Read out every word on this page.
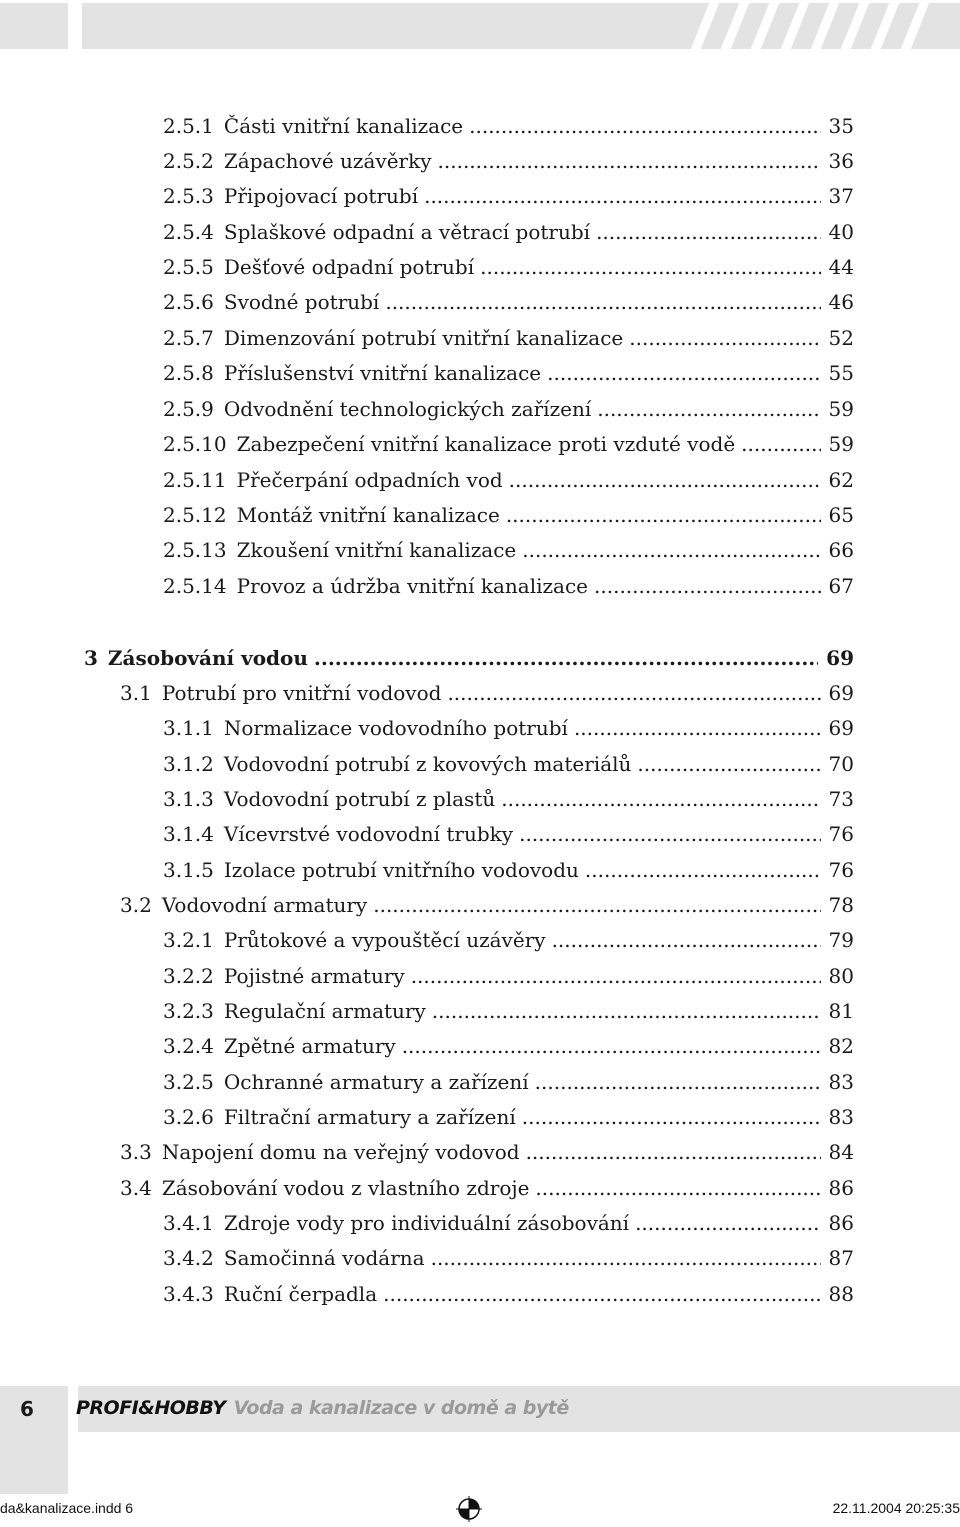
2.5.1 Části vnitřní kanalizace .....	35
2.5.2 Zápachové uzávěrky .....	36
2.5.3 Připojovací potrubí .....	37
2.5.4 Splaškové odpadní a větrací potrubí .....	40
2.5.5 Dešťové odpadní potrubí .....	44
2.5.6 Svodné potrubí .....	46
2.5.7 Dimenzování potrubí vnitřní kanalizace .....	52
2.5.8 Příslušenství vnitřní kanalizace .....	55
2.5.9 Odvodnění technologických zařízení .....	59
2.5.10 Zabezpečení vnitřní kanalizace proti vzduté vodě .....	59
2.5.11 Přečerpání odpadních vod .....	62
2.5.12 Montáž vnitřní kanalizace .....	65
2.5.13 Zkoušení vnitřní kanalizace .....	66
2.5.14 Provoz a údržba vnitřní kanalizace .....	67
3 Zásobování vodou .....	69
3.1 Potrubí pro vnitřní vodovod .....	69
3.1.1 Normalizace vodovodního potrubí .....	69
3.1.2 Vodovodní potrubí z kovových materiálů .....	70
3.1.3 Vodovodní potrubí z plastů .....	73
3.1.4 Vícevrstvé vodovodní trubky .....	76
3.1.5 Izolace potrubí vnitřního vodovodu .....	76
3.2 Vodovodní armatury .....	78
3.2.1 Průtokové a vypouštěcí uzávěry .....	79
3.2.2 Pojistné armatury .....	80
3.2.3 Regulační armatury .....	81
3.2.4 Zpětné armatury .....	82
3.2.5 Ochranné armatury a zařízení .....	83
3.2.6 Filtrační armatury a zařízení .....	83
3.3 Napojení domu na veřejný vodovod .....	84
3.4 Zásobování vodou z vlastního zdroje .....	86
3.4.1 Zdroje vody pro individuální zásobování .....	86
3.4.2 Samočinná vodárna .....	87
3.4.3 Ruční čerpadla .....	88
6 PROFI&HOBBY Voda a kanalizace v domě a bytě
da&kanalizace.indd 6	22.11.2004 20:25:35
